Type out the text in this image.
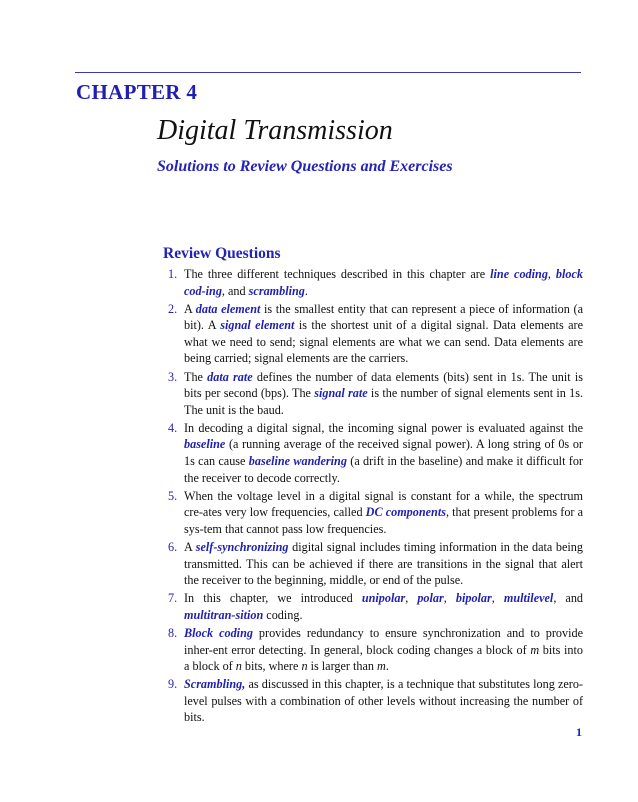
CHAPTER 4
Digital Transmission
Solutions to Review Questions and Exercises
Review Questions
1. The three different techniques described in this chapter are line coding, block cod-ing, and scrambling.
2. A data element is the smallest entity that can represent a piece of information (a bit). A signal element is the shortest unit of a digital signal. Data elements are what we need to send; signal elements are what we can send. Data elements are being carried; signal elements are the carriers.
3. The data rate defines the number of data elements (bits) sent in 1s. The unit is bits per second (bps). The signal rate is the number of signal elements sent in 1s. The unit is the baud.
4. In decoding a digital signal, the incoming signal power is evaluated against the baseline (a running average of the received signal power). A long string of 0s or 1s can cause baseline wandering (a drift in the baseline) and make it difficult for the receiver to decode correctly.
5. When the voltage level in a digital signal is constant for a while, the spectrum cre-ates very low frequencies, called DC components, that present problems for a sys-tem that cannot pass low frequencies.
6. A self-synchronizing digital signal includes timing information in the data being transmitted. This can be achieved if there are transitions in the signal that alert the receiver to the beginning, middle, or end of the pulse.
7. In this chapter, we introduced unipolar, polar, bipolar, multilevel, and multitran-sition coding.
8. Block coding provides redundancy to ensure synchronization and to provide inher-ent error detecting. In general, block coding changes a block of m bits into a block of n bits, where n is larger than m.
9. Scrambling, as discussed in this chapter, is a technique that substitutes long zero-level pulses with a combination of other levels without increasing the number of bits.
1
